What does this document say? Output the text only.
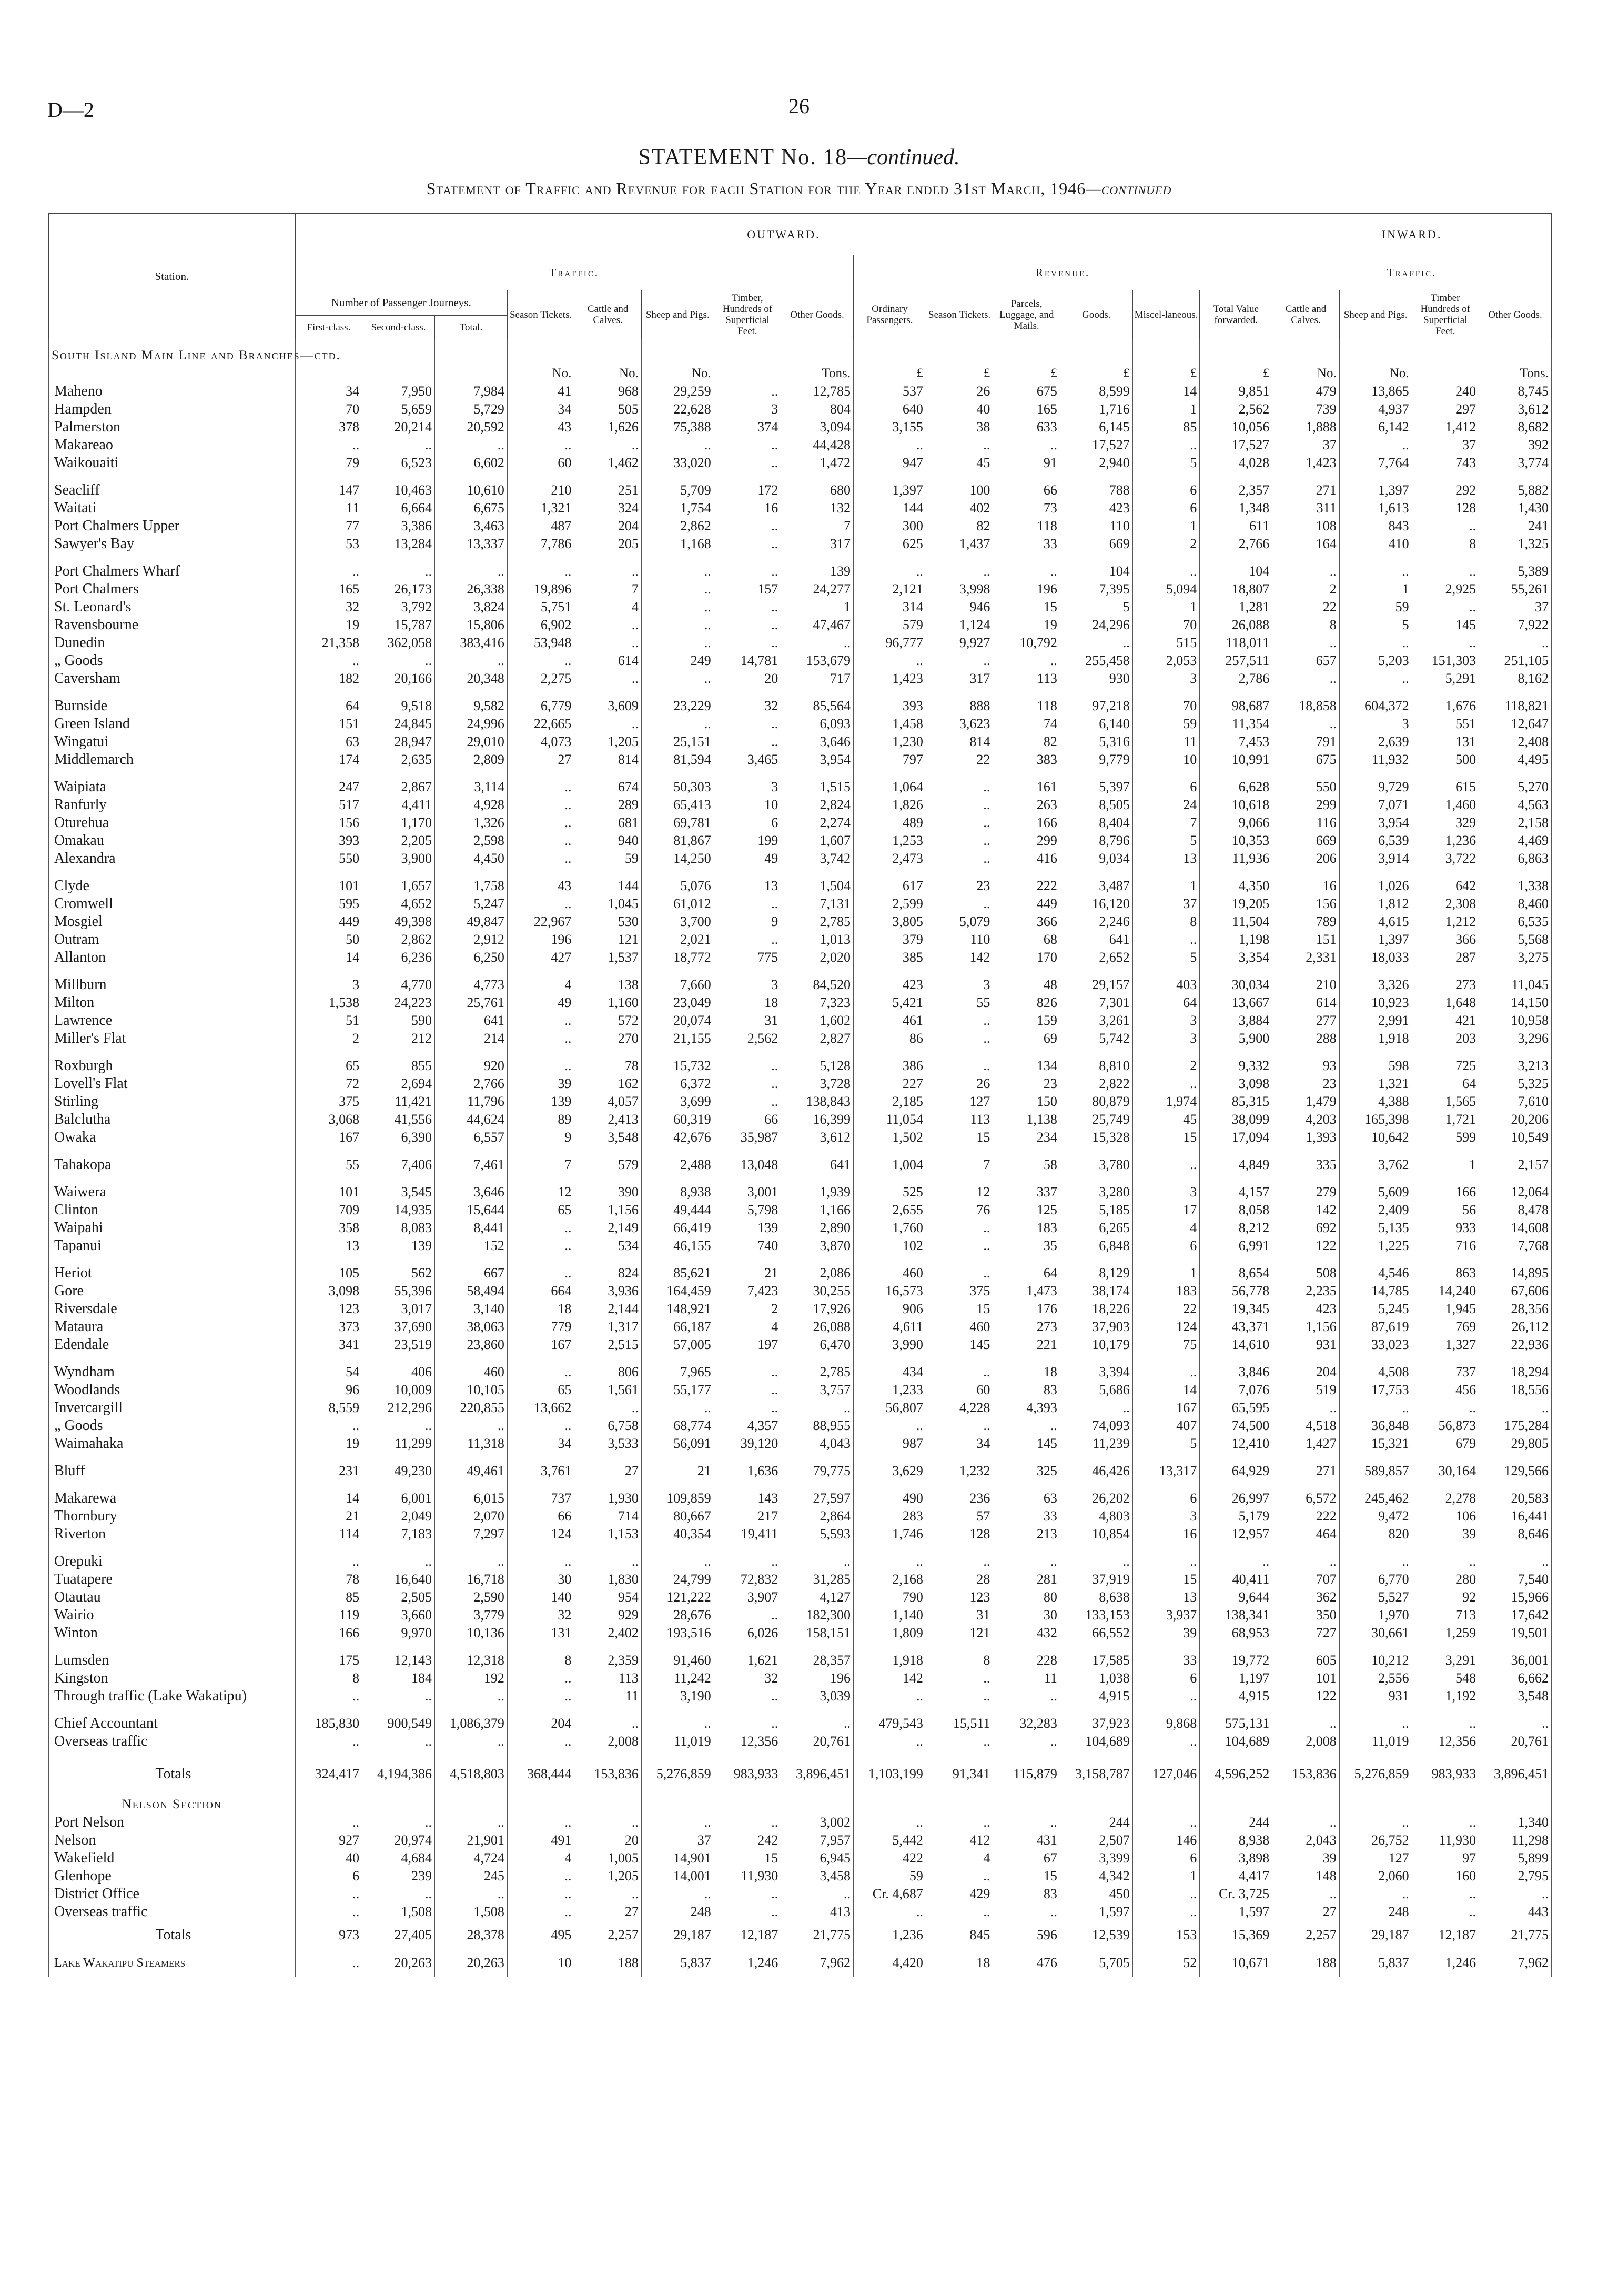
D—2	26
STATEMENT No. 18—continued.
Statement of Traffic and Revenue for each Station for the Year ended 31st March, 1946—continued
Station.	OUTWARD.														INWARD.			
	Traffic.								Revenue.						Traffic.			
	Number of Passenger Journeys.			Season Tickets.	Cattle and Calves.	Sheep and Pigs.	Timber, Hundreds of Superficial Feet.	Other Goods.	Ordinary Passengers.	Season Tickets.	Parcels, Luggage, and Mails.	Goods.	Miscel-laneous.	Total Value forwarded.	Cattle and Calves.	Sheep and Pigs.	Timber Hundreds of Superficial Feet.	Other Goods.
	First-class.	Second-class.	Total.															
South Island Main Line and Branches—ctd.																		
				No.	No.	No.		Tons.	£	£	£	£	£	£	No.	No.		Tons.
Maheno	34	7,950	7,984	41	968	29,259	..	12,785	537	26	675	8,599	14	9,851	479	13,865	240	8,745
Hampden	70	5,659	5,729	34	505	22,628	3	804	640	40	165	1,716	1	2,562	739	4,937	297	3,612
Palmerston	378	20,214	20,592	43	1,626	75,388	374	3,094	3,155	38	633	6,145	85	10,056	1,888	6,142	1,412	8,682
Makareao	..	..	..	..	..	..	..	44,428	..	..	..	17,527	..	17,527	37	..	37	392
Waikouaiti	79	6,523	6,602	60	1,462	33,020	..	1,472	947	45	91	2,940	5	4,028	1,423	7,764	743	3,774

Seacliff	147	10,463	10,610	210	251	5,709	172	680	1,397	100	66	788	6	2,357	271	1,397	292	5,882
Waitati	11	6,664	6,675	1,321	324	1,754	16	132	144	402	73	423	6	1,348	311	1,613	128	1,430
Port Chalmers Upper	77	3,386	3,463	487	204	2,862	..	7	300	82	118	110	1	611	108	843	..	241
Sawyer's Bay	53	13,284	13,337	7,786	205	1,168	..	317	625	1,437	33	669	2	2,766	164	410	8	1,325

Port Chalmers Wharf	..	..	..	..	..	..	..	139	..	..	..	104	..	104	..	..	..	5,389
Port Chalmers	165	26,173	26,338	19,896	7	..	157	24,277	2,121	3,998	196	7,395	5,094	18,807	2	1	2,925	55,261
St. Leonard's	32	3,792	3,824	5,751	4	..	..	1	314	946	15	5	1	1,281	22	59	..	37
Ravensbourne	19	15,787	15,806	6,902	..	..	..	47,467	579	1,124	19	24,296	70	26,088	8	5	145	7,922
Dunedin	21,358	362,058	383,416	53,948	..	..	..	..	96,777	9,927	10,792	..	515	118,011	..	..	..	..
„ Goods	..	..	..	..	614	249	14,781	153,679	..	..	..	255,458	2,053	257,511	657	5,203	151,303	251,105
Caversham	182	20,166	20,348	2,275	..	..	20	717	1,423	317	113	930	3	2,786	..	..	5,291	8,162

Burnside	64	9,518	9,582	6,779	3,609	23,229	32	85,564	393	888	118	97,218	70	98,687	18,858	604,372	1,676	118,821
Green Island	151	24,845	24,996	22,665	..	..	..	6,093	1,458	3,623	74	6,140	59	11,354	..	3	551	12,647
Wingatui	63	28,947	29,010	4,073	1,205	25,151	..	3,646	1,230	814	82	5,316	11	7,453	791	2,639	131	2,408
Middlemarch	174	2,635	2,809	27	814	81,594	3,465	3,954	797	22	383	9,779	10	10,991	675	11,932	500	4,495

Waipiata	247	2,867	3,114	..	674	50,303	3	1,515	1,064	..	161	5,397	6	6,628	550	9,729	615	5,270
Ranfurly	517	4,411	4,928	..	289	65,413	10	2,824	1,826	..	263	8,505	24	10,618	299	7,071	1,460	4,563
Oturehua	156	1,170	1,326	..	681	69,781	6	2,274	489	..	166	8,404	7	9,066	116	3,954	329	2,158
Omakau	393	2,205	2,598	..	940	81,867	199	1,607	1,253	..	299	8,796	5	10,353	669	6,539	1,236	4,469
Alexandra	550	3,900	4,450	..	59	14,250	49	3,742	2,473	..	416	9,034	13	11,936	206	3,914	3,722	6,863

Clyde	101	1,657	1,758	43	144	5,076	13	1,504	617	23	222	3,487	1	4,350	16	1,026	642	1,338
Cromwell	595	4,652	5,247	..	1,045	61,012	..	7,131	2,599	..	449	16,120	37	19,205	156	1,812	2,308	8,460
Mosgiel	449	49,398	49,847	22,967	530	3,700	9	2,785	3,805	5,079	366	2,246	8	11,504	789	4,615	1,212	6,535
Outram	50	2,862	2,912	196	121	2,021	..	1,013	379	110	68	641	..	1,198	151	1,397	366	5,568
Allanton	14	6,236	6,250	427	1,537	18,772	775	2,020	385	142	170	2,652	5	3,354	2,331	18,033	287	3,275

Millburn	3	4,770	4,773	4	138	7,660	3	84,520	423	3	48	29,157	403	30,034	210	3,326	273	11,045
Milton	1,538	24,223	25,761	49	1,160	23,049	18	7,323	5,421	55	826	7,301	64	13,667	614	10,923	1,648	14,150
Lawrence	51	590	641	..	572	20,074	31	1,602	461	..	159	3,261	3	3,884	277	2,991	421	10,958
Miller's Flat	2	212	214	..	270	21,155	2,562	2,827	86	..	69	5,742	3	5,900	288	1,918	203	3,296

Roxburgh	65	855	920	..	78	15,732	..	5,128	386	..	134	8,810	2	9,332	93	598	725	3,213
Lovell's Flat	72	2,694	2,766	39	162	6,372	..	3,728	227	26	23	2,822	..	3,098	23	1,321	64	5,325
Stirling	375	11,421	11,796	139	4,057	3,699	..	138,843	2,185	127	150	80,879	1,974	85,315	1,479	4,388	1,565	7,610
Balclutha	3,068	41,556	44,624	89	2,413	60,319	66	16,399	11,054	113	1,138	25,749	45	38,099	4,203	165,398	1,721	20,206
Owaka	167	6,390	6,557	9	3,548	42,676	35,987	3,612	1,502	15	234	15,328	15	17,094	1,393	10,642	599	10,549

Tahakopa	55	7,406	7,461	7	579	2,488	13,048	641	1,004	7	58	3,780	..	4,849	335	3,762	1	2,157

Waiwera	101	3,545	3,646	12	390	8,938	3,001	1,939	525	12	337	3,280	3	4,157	279	5,609	166	12,064
Clinton	709	14,935	15,644	65	1,156	49,444	5,798	1,166	2,655	76	125	5,185	17	8,058	142	2,409	56	8,478
Waipahi	358	8,083	8,441	..	2,149	66,419	139	2,890	1,760	..	183	6,265	4	8,212	692	5,135	933	14,608
Tapanui	13	139	152	..	534	46,155	740	3,870	102	..	35	6,848	6	6,991	122	1,225	716	7,768

Heriot	105	562	667	..	824	85,621	21	2,086	460	..	64	8,129	1	8,654	508	4,546	863	14,895
Gore	3,098	55,396	58,494	664	3,936	164,459	7,423	30,255	16,573	375	1,473	38,174	183	56,778	2,235	14,785	14,240	67,606
Riversdale	123	3,017	3,140	18	2,144	148,921	2	17,926	906	15	176	18,226	22	19,345	423	5,245	1,945	28,356
Mataura	373	37,690	38,063	779	1,317	66,187	4	26,088	4,611	460	273	37,903	124	43,371	1,156	87,619	769	26,112
Edendale	341	23,519	23,860	167	2,515	57,005	197	6,470	3,990	145	221	10,179	75	14,610	931	33,023	1,327	22,936

Wyndham	54	406	460	..	806	7,965	..	2,785	434	..	18	3,394	..	3,846	204	4,508	737	18,294
Woodlands	96	10,009	10,105	65	1,561	55,177	..	3,757	1,233	60	83	5,686	14	7,076	519	17,753	456	18,556
Invercargill	8,559	212,296	220,855	13,662	..	..	..	..	56,807	4,228	4,393	..	167	65,595	..	..	..	..
„ Goods	..	..	..	..	6,758	68,774	4,357	88,955	..	..	..	74,093	407	74,500	4,518	36,848	56,873	175,284
Waimahaka	19	11,299	11,318	34	3,533	56,091	39,120	4,043	987	34	145	11,239	5	12,410	1,427	15,321	679	29,805

Bluff	231	49,230	49,461	3,761	27	21	1,636	79,775	3,629	1,232	325	46,426	13,317	64,929	271	589,857	30,164	129,566

Makarewa	14	6,001	6,015	737	1,930	109,859	143	27,597	490	236	63	26,202	6	26,997	6,572	245,462	2,278	20,583
Thornbury	21	2,049	2,070	66	714	80,667	217	2,864	283	57	33	4,803	3	5,179	222	9,472	106	16,441
Riverton	114	7,183	7,297	124	1,153	40,354	19,411	5,593	1,746	128	213	10,854	16	12,957	464	820	39	8,646

Orepuki	..	..	..	..	..	..	..	..	..	..	..	..	..	..	..	..	..	..
Tuatapere	78	16,640	16,718	30	1,830	24,799	72,832	31,285	2,168	28	281	37,919	15	40,411	707	6,770	280	7,540
Otautau	85	2,505	2,590	140	954	121,222	3,907	4,127	790	123	80	8,638	13	9,644	362	5,527	92	15,966
Wairio	119	3,660	3,779	32	929	28,676	..	182,300	1,140	31	30	133,153	3,937	138,341	350	1,970	713	17,642
Winton	166	9,970	10,136	131	2,402	193,516	6,026	158,151	1,809	121	432	66,552	39	68,953	727	30,661	1,259	19,501

Lumsden	175	12,143	12,318	8	2,359	91,460	1,621	28,357	1,918	8	228	17,585	33	19,772	605	10,212	3,291	36,001
Kingston	8	184	192	..	113	11,242	32	196	142	..	11	1,038	6	1,197	101	2,556	548	6,662
Through traffic (Lake Wakatipu)	..	..	..	..	11	3,190	..	3,039	..	..	..	4,915	..	4,915	122	931	1,192	3,548

Chief Accountant	185,830	900,549	1,086,379	204	..	..	..	..	479,543	15,511	32,283	37,923	9,868	575,131	..	..	..	..
Overseas traffic	..	..	..	..	2,008	11,019	12,356	20,761	..	..	..	104,689	..	104,689	2,008	11,019	12,356	20,761

Totals	324,417	4,194,386	4,518,803	368,444	153,836	5,276,859	983,933	3,896,451	1,103,199	91,341	115,879	3,158,787	127,046	4,596,252	153,836	5,276,859	983,933	3,896,451
Nelson Section																		
Port Nelson	..	..	..	..	..	..	..	3,002	..	..	..	244	..	244	..	..	..	1,340
Nelson	927	20,974	21,901	491	20	37	242	7,957	5,442	412	431	2,507	146	8,938	2,043	26,752	11,930	11,298
Wakefield	40	4,684	4,724	4	1,005	14,901	15	6,945	422	4	67	3,399	6	3,898	39	127	97	5,899
Glenhope	6	239	245	..	1,205	14,001	11,930	3,458	59	..	15	4,342	1	4,417	148	2,060	160	2,795
District Office	..	..	..	..	..	..	..	..	Cr. 4,687	429	83	450	..	Cr. 3,725	..	..	..	..
Overseas traffic	..	1,508	1,508	..	27	248	..	413	..	..	..	1,597	..	1,597	27	248	..	443
Totals	973	27,405	28,378	495	2,257	29,187	12,187	21,775	1,236	845	596	12,539	153	15,369	2,257	29,187	12,187	21,775
Lake Wakatipu Steamers	..	20,263	20,263	10	188	5,837	1,246	7,962	4,420	18	476	5,705	52	10,671	188	5,837	1,246	7,962
